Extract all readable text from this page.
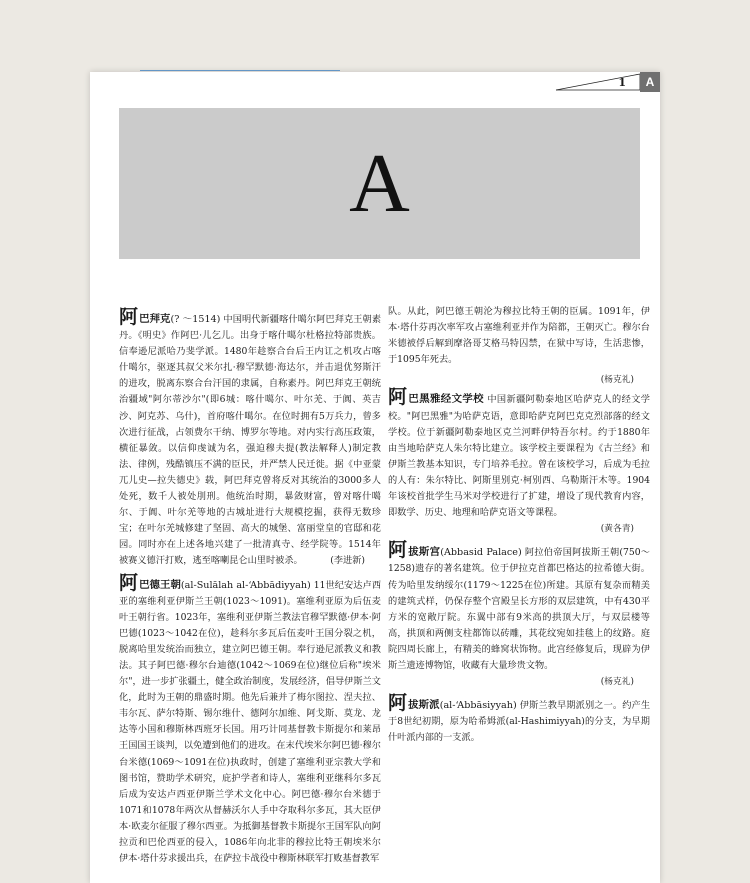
1	A
A

阿巴拜克(? ～1514) 中国明代新疆喀什噶尔阿巴拜克王朝素丹。《明史》作阿巴·儿乞儿。出身于喀什噶尔杜格拉特部贵族。信奉逊尼派哈乃斐学派。1480年趁察合台后王内讧之机攻占喀什噶尔，驱逐其叔父米尔扎·穆罕默德·海达尔，并击退优努斯汗的进攻，脱离东察合台汗国的隶属，自称素丹。阿巴拜克王朝统治疆域"阿尔蒂沙尔"(即6城：喀什噶尔、叶尔羌、于阗、英吉沙、阿克苏、乌什)，首府喀什噶尔。在位时拥有5万兵力，曾多次进行征战，占领费尔干纳、博罗尔等地。对内实行高压政策，横征暴敛。以信仰虔诚为名，强迫穆夫提(教法解释人)制定教法、律例，残酷镇压不满的臣民，并严禁人民迁徙。据《中亚蒙兀儿史—拉失德史》载，阿巴拜克曾将反对其统治的3000多人处死，数千人被处刖刑。他统治时期，暴敛财富，曾对喀什噶尔、于阗、叶尔羌等地的古城址进行大规模挖掘，获得无数珍宝；在叶尔羌城修建了坚固、高大的城堡、富丽堂皇的官邸和花园。同时亦在上述各地兴建了一批清真寺、经学院等。1514年被赛义德汗打败，逃至喀喇昆仑山里时被杀。	(李进新)

阿巴德王朝(al-Sulālah al-ʻAbbādiyyah) 11世纪安达卢西亚的塞维利亚伊斯兰王朝(1023～1091)。塞维利亚原为后伍麦叶王朝行省。1023年，塞维利亚伊斯兰教法官穆罕默德·伊本·阿巴德(1023～1042在位)，趁科尔多瓦后伍麦叶王国分裂之机，脱离哈里发统治而独立，建立阿巴德王朝。奉行逊尼派教义和教法。其子阿巴德·穆尔台迪德(1042～1069在位)继位后称"埃米尔"，进一步扩张疆土，健全政治制度，发展经济，倡导伊斯兰文化，此时为王朝的鼎盛时期。他先后兼并了梅尔图拉、涅夫拉、韦尔瓦、萨尔特斯、锡尔维什、德阿尔加维、阿戈斯、莫龙、龙达等小国和穆斯林西班牙长国。用巧计同基督教卡斯提尔和莱昂王国国王谈判，以免遭到他们的进攻。在末代埃米尔阿巴德·穆尔台米德(1069～1091在位)执政时，创建了塞维利亚宗教大学和图书馆，赞助学术研究，庇护学者和诗人，塞维利亚继科尔多瓦后成为安达卢西亚伊斯兰学术文化中心。阿巴德·穆尔台米德于1071和1078年两次从督赫沃尔人手中夺取科尔多瓦，其大臣伊本·欧麦尔征服了穆尔西亚。为抵御基督教卡斯提尔王国军队向阿拉贡和巴伦西亚的侵入，1086年向北非的穆拉比特王朝埃米尔伊本·塔什芬求援出兵，在萨拉卡战役中穆斯林联军打败基督教军

队。从此，阿巴德王朝沦为穆拉比特王朝的臣属。1091年，伊本·塔什芬再次率军攻占塞维利亚并作为陪都，王朝灭亡。穆尔台米德被俘后解到摩洛哥艾格马特囚禁，在狱中写诗，生活悲惨，于1095年死去。

(杨克礼)

阿巴黑雅经文学校 中国新疆阿勒泰地区哈萨克人的经文学校。"阿巴黑雅"为哈萨克语，意即哈萨克阿巴克克烈部落的经文学校。位于新疆阿勒泰地区克兰河畔伊特吾尔村。约于1880年由当地哈萨克人朱尔特比建立。该学校主要课程为《古兰经》和伊斯兰教基本知识，专门培养毛拉。曾在该校学习，后成为毛拉的人有：朱尔特比、阿斯里别克·柯别西、乌勒斯汗木等。1904年该校首批学生马米对学校进行了扩建，增设了现代教育内容，即数学、历史、地理和哈萨克语文等课程。
(黄各青)

阿拔斯宫(Abbasid Palace) 阿拉伯帝国阿拔斯王朝(750～1258)遗存的著名建筑。位于伊拉克首都巴格达的拉希德大街。传为哈里发纳绥尔(1179～1225在位)所建。其原有复杂而精美的建筑式样，仍保存整个宫殿呈长方形的双层建筑，中有430平方米的宽敞厅院。东翼中部有9米高的拱顶大厅，与双层楼等高，拱顶和两侧支柱都饰以砖雕，其花纹宛如挂毯上的纹路。庭院四周长廊上，有精美的蜂窝状饰物。此宫经修复后，现辟为伊斯兰遗迹博物馆，收藏有大量珍贵文物。
(杨克礼)

阿拔斯派(al-ʻAbbāsiyyah) 伊斯兰教早期派别之一。约产生于8世纪初期，原为哈希姆派(al-Hashimiyyah)的分支，为早期什叶派内部的一支派。
